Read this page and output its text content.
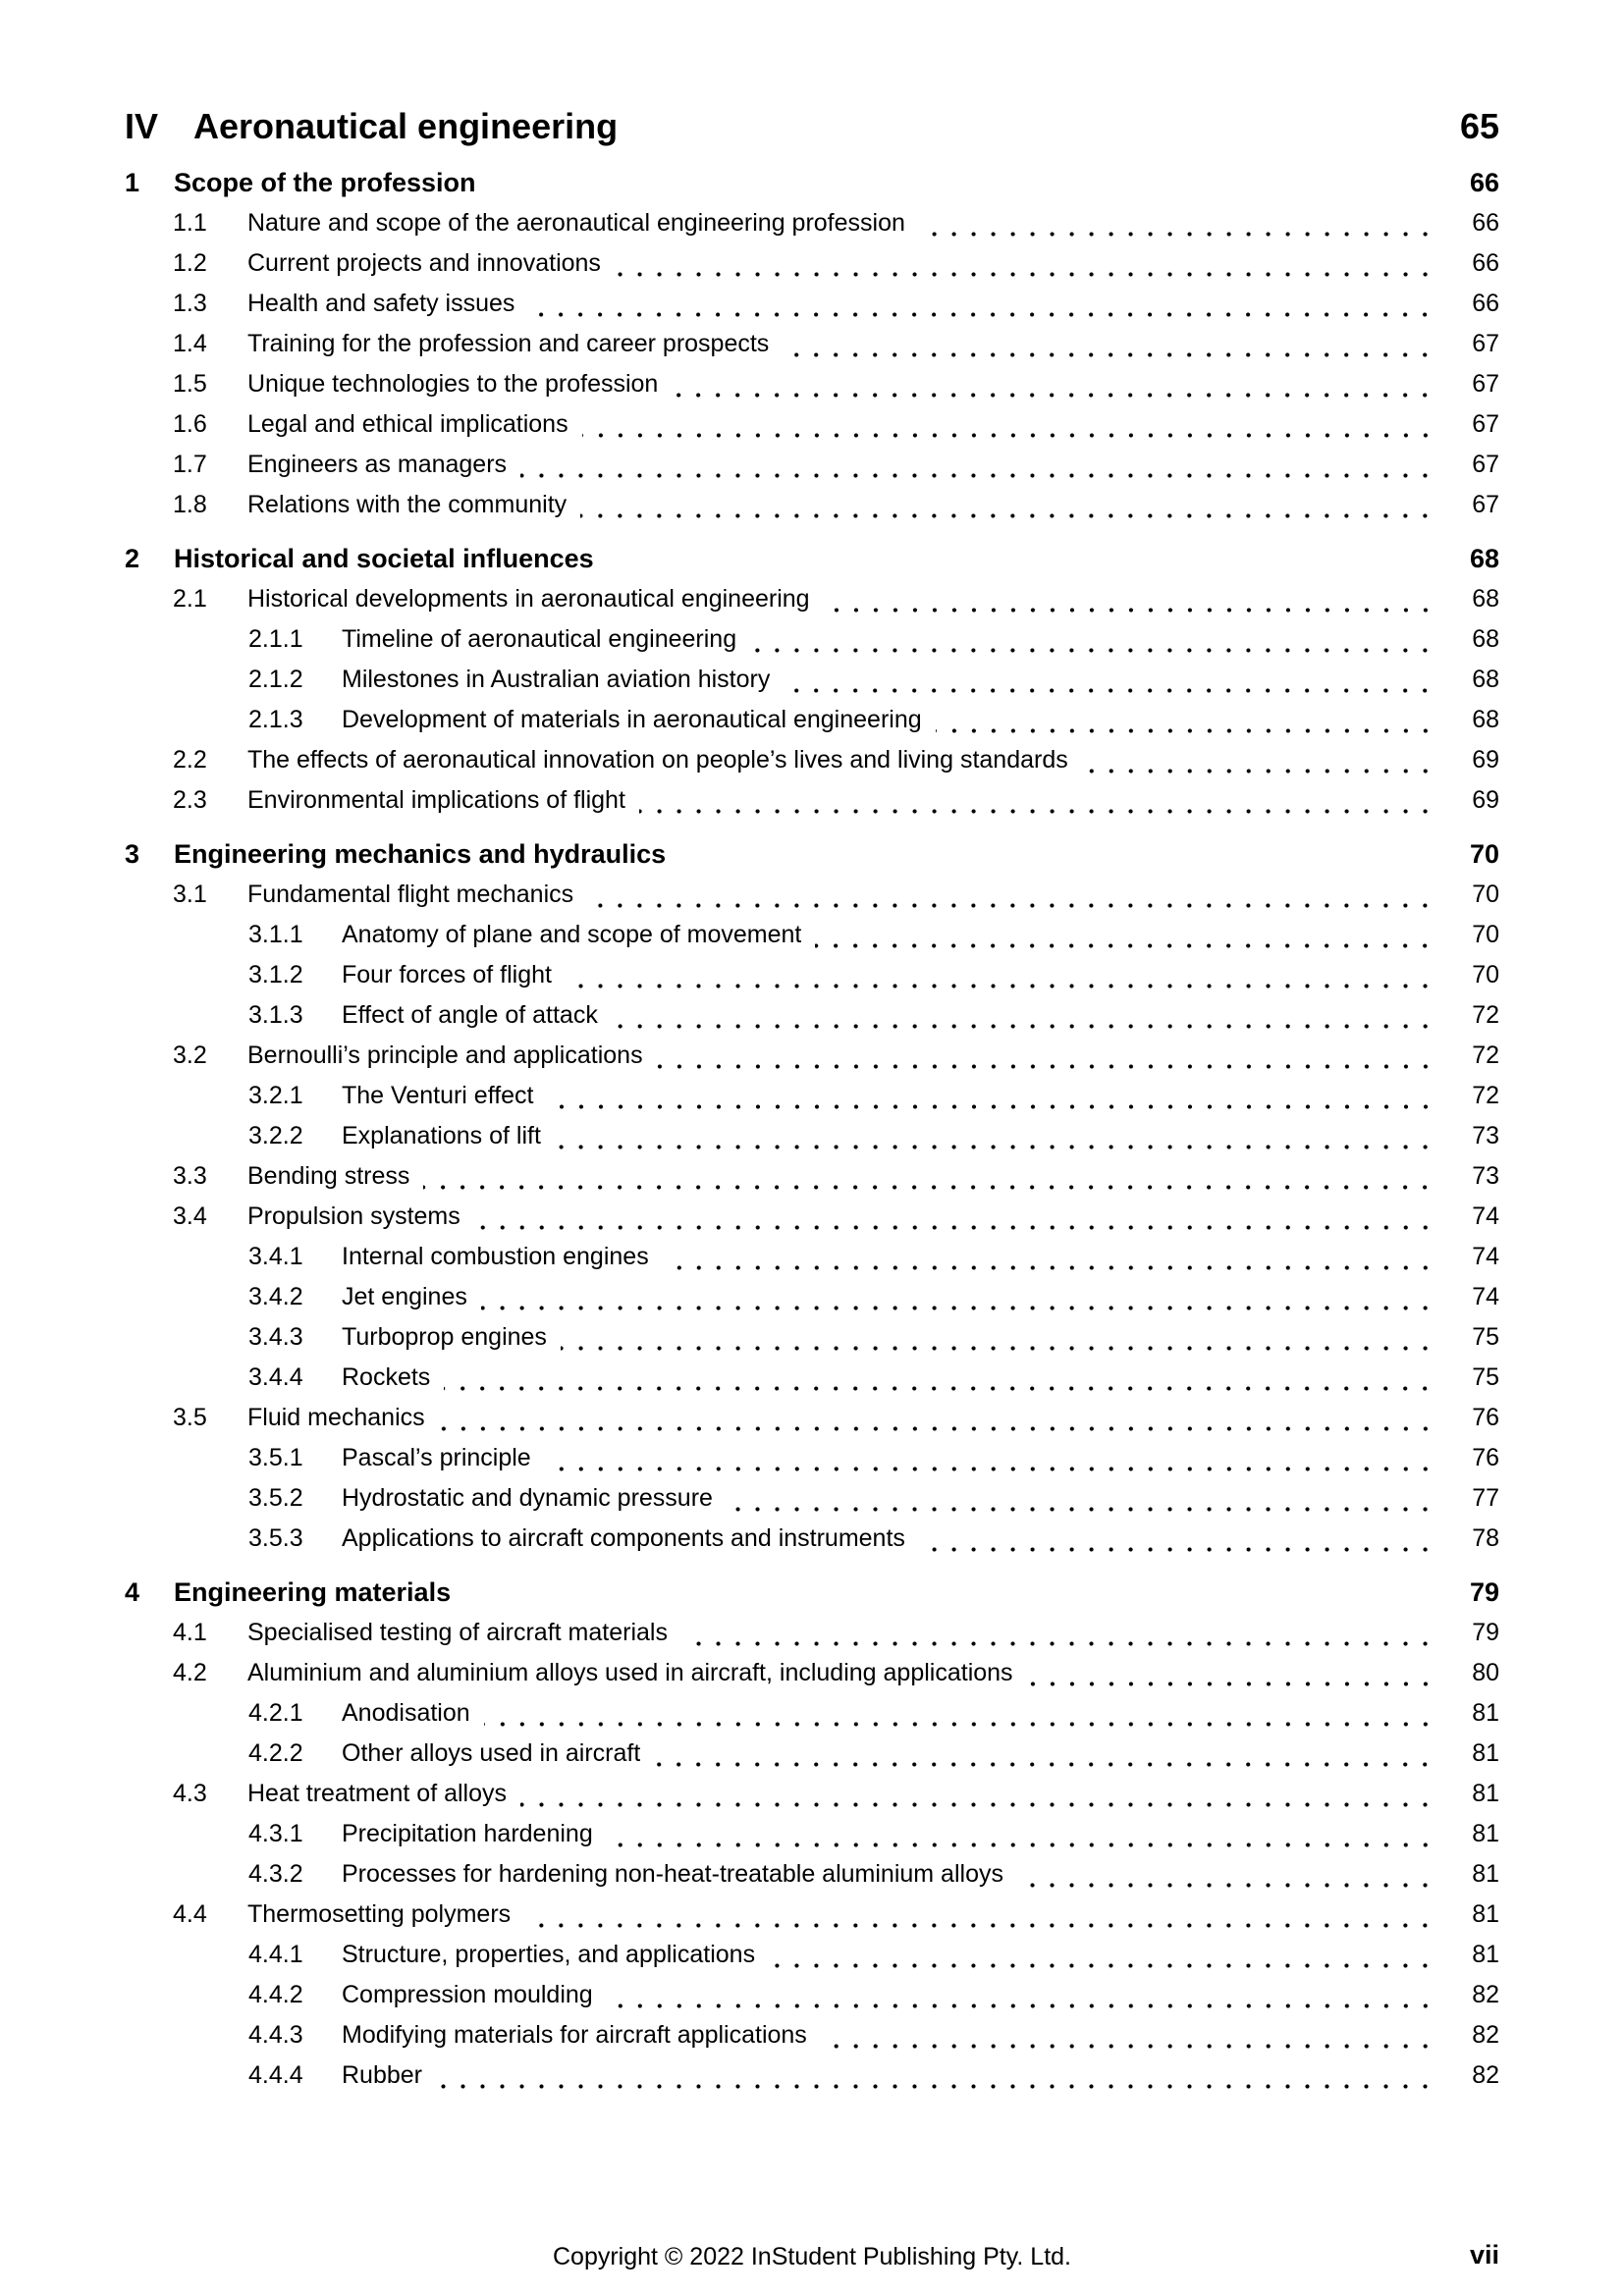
IV Aeronautical engineering	65
1	Scope of the profession	66
1.1	Nature and scope of the aeronautical engineering profession	66
1.2	Current projects and innovations	66
1.3	Health and safety issues	66
1.4	Training for the profession and career prospects	67
1.5	Unique technologies to the profession	67
1.6	Legal and ethical implications	67
1.7	Engineers as managers	67
1.8	Relations with the community	67
2	Historical and societal influences	68
2.1	Historical developments in aeronautical engineering	68
2.1.1	Timeline of aeronautical engineering	68
2.1.2	Milestones in Australian aviation history	68
2.1.3	Development of materials in aeronautical engineering	68
2.2	The effects of aeronautical innovation on people’s lives and living standards	69
2.3	Environmental implications of flight	69
3	Engineering mechanics and hydraulics	70
3.1	Fundamental flight mechanics	70
3.1.1	Anatomy of plane and scope of movement	70
3.1.2	Four forces of flight	70
3.1.3	Effect of angle of attack	72
3.2	Bernoulli’s principle and applications	72
3.2.1	The Venturi effect	72
3.2.2	Explanations of lift	73
3.3	Bending stress	73
3.4	Propulsion systems	74
3.4.1	Internal combustion engines	74
3.4.2	Jet engines	74
3.4.3	Turboprop engines	75
3.4.4	Rockets	75
3.5	Fluid mechanics	76
3.5.1	Pascal’s principle	76
3.5.2	Hydrostatic and dynamic pressure	77
3.5.3	Applications to aircraft components and instruments	78
4	Engineering materials	79
4.1	Specialised testing of aircraft materials	79
4.2	Aluminium and aluminium alloys used in aircraft, including applications	80
4.2.1	Anodisation	81
4.2.2	Other alloys used in aircraft	81
4.3	Heat treatment of alloys	81
4.3.1	Precipitation hardening	81
4.3.2	Processes for hardening non-heat-treatable aluminium alloys	81
4.4	Thermosetting polymers	81
4.4.1	Structure, properties, and applications	81
4.4.2	Compression moulding	82
4.4.3	Modifying materials for aircraft applications	82
4.4.4	Rubber	82
Copyright © 2022 InStudent Publishing Pty. Ltd.	vii
